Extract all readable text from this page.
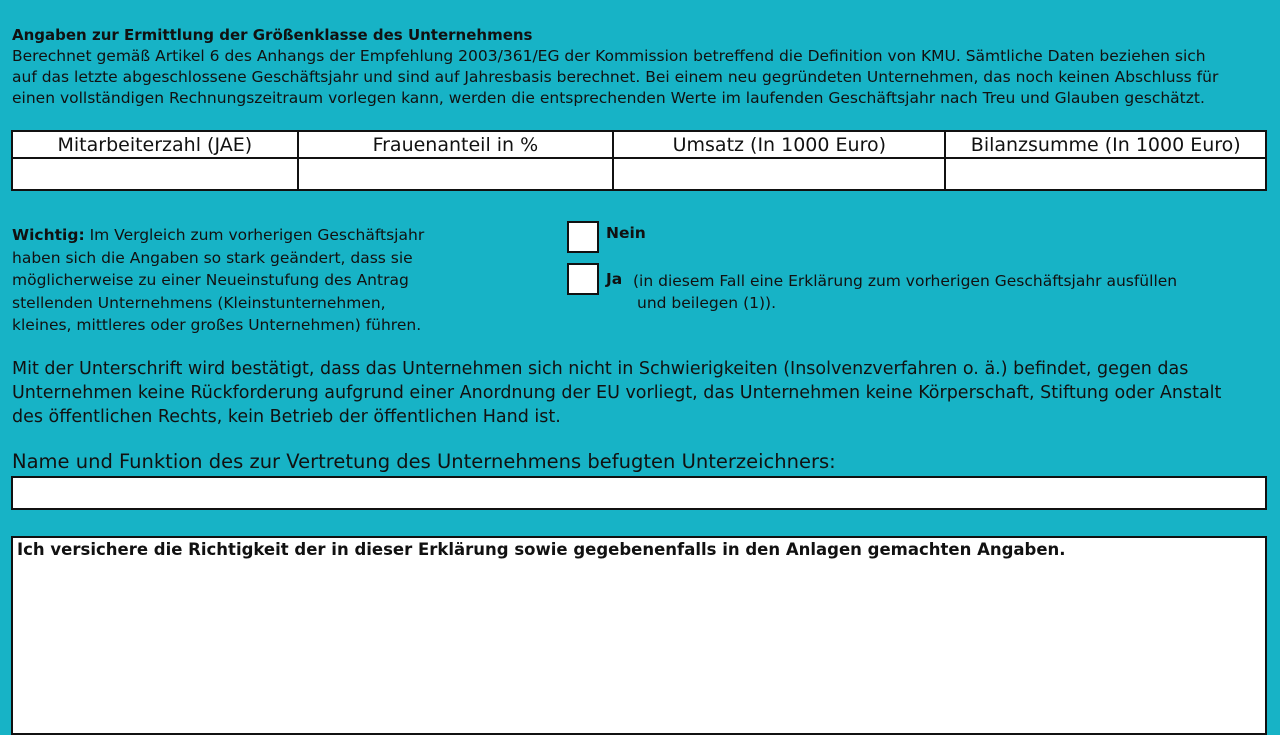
Angaben zur Ermittlung der Größenklasse des Unternehmens
Berechnet gemäß Artikel 6 des Anhangs der Empfehlung 2003/361/EG der Kommission betreffend die Definition von KMU. Sämtliche Daten beziehen sich
auf das letzte abgeschlossene Geschäftsjahr und sind auf Jahresbasis berechnet. Bei einem neu gegründeten Unternehmen, das noch keinen Abschluss für
einen vollständigen Rechnungszeitraum vorlegen kann, werden die entsprechenden Werte im laufenden Geschäftsjahr nach Treu und Glauben geschätzt.
Mitarbeiterzahl (JAE)	Frauenanteil in %	Umsatz (In 1000 Euro)	Bilanzsumme (In 1000 Euro)

Wichtig: Im Vergleich zum vorherigen Geschäftsjahr
haben sich die Angaben so stark geändert, dass sie
möglicherweise zu einer Neueinstufung des Antrag
stellenden Unternehmens (Kleinstunternehmen,
kleines, mittleres oder großes Unternehmen) führen.
Nein
Ja (in diesem Fall eine Erklärung zum vorherigen Geschäftsjahr ausfüllen
und beilegen (1)).
Mit der Unterschrift wird bestätigt, dass das Unternehmen sich nicht in Schwierigkeiten (Insolvenzverfahren o. ä.) befindet, gegen das
Unternehmen keine Rückforderung aufgrund einer Anordnung der EU vorliegt, das Unternehmen keine Körperschaft, Stiftung oder Anstalt
des öffentlichen Rechts, kein Betrieb der öffentlichen Hand ist.
Name und Funktion des zur Vertretung des Unternehmens befugten Unterzeichners:
Ich versichere die Richtigkeit der in dieser Erklärung sowie gegebenenfalls in den Anlagen gemachten Angaben.
